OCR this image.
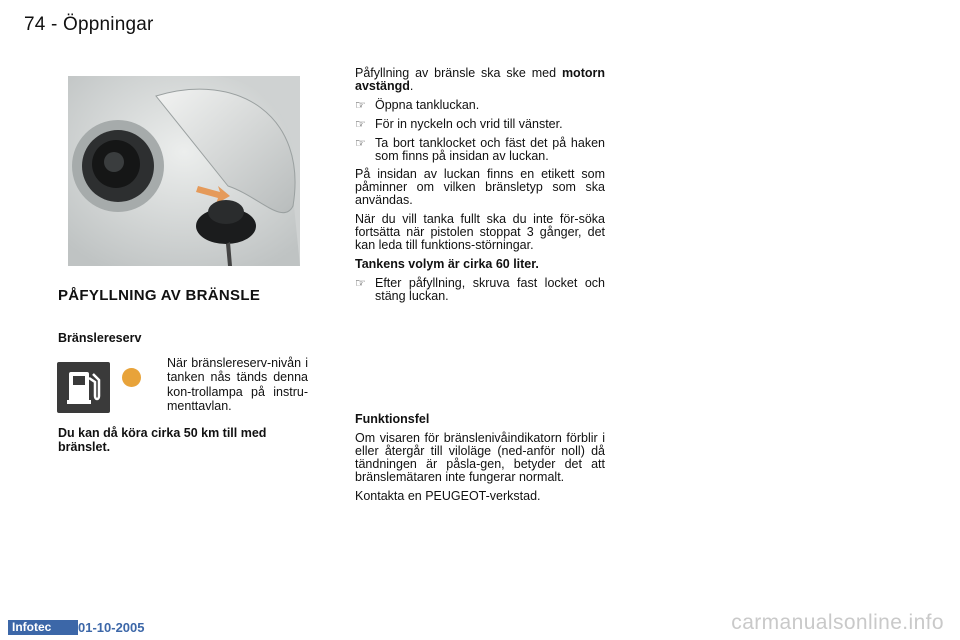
74 - Öppningar
PÅFYLLNING AV BRÄNSLE
Bränslereserv
När bränslereserv-nivån i tanken nås tänds denna kon-trollampa på instru-menttavlan.
Du kan då köra cirka 50 km till med bränslet.
Påfyllning av bränsle ska ske med motorn avstängd.
☞ Öppna tankluckan.
☞ För in nyckeln och vrid till vänster.
☞ Ta bort tanklocket och fäst det på haken som finns på insidan av luckan.
På insidan av luckan finns en etikett som påminner om vilken bränsletyp som ska användas.
När du vill tanka fullt ska du inte för-söka fortsätta när pistolen stoppat 3 gånger, det kan leda till funktions-störningar.
Tankens volym är cirka 60 liter.
☞ Efter påfyllning, skruva fast locket och stäng luckan.
Funktionsfel
Om visaren för bränslenivåindikatorn förblir i eller återgår till viloläge (ned-anför noll) då tändningen är påsla-gen, betyder det att bränslemätaren inte fungerar normalt.
Kontakta en PEUGEOT-verkstad.
Infotec	01-10-2005	carmanualsonline.info
